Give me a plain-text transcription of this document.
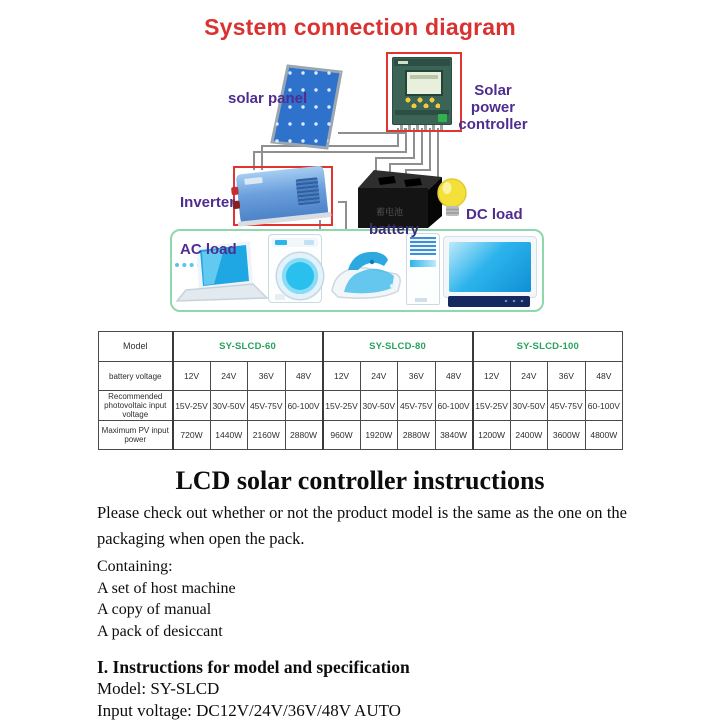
System connection diagram
蓄电池
solar panel	Solar power
controller
Inverter
battery
DC load
AC load
Model	SY-SLCD-60				SY-SLCD-80				SY-SLCD-100			
battery voltage	12V	24V	36V	48V	12V	24V	36V	48V	12V	24V	36V	48V
Recommended photovoltaic input voltage	15V-25V	30V-50V	45V-75V	60-100V	15V-25V	30V-50V	45V-75V	60-100V	15V-25V	30V-50V	45V-75V	60-100V
Maximum PV input power	720W	1440W	2160W	2880W	960W	1920W	2880W	3840W	1200W	2400W	3600W	4800W
LCD solar controller instructions
Please check out whether or not the product model is the same as the one on the packaging when open the pack.
Containing:
A set of host machine
A copy of manual
A pack of desiccant
I. Instructions for model and specification
Model: SY-SLCD
Input voltage: DC12V/24V/36V/48V AUTO
